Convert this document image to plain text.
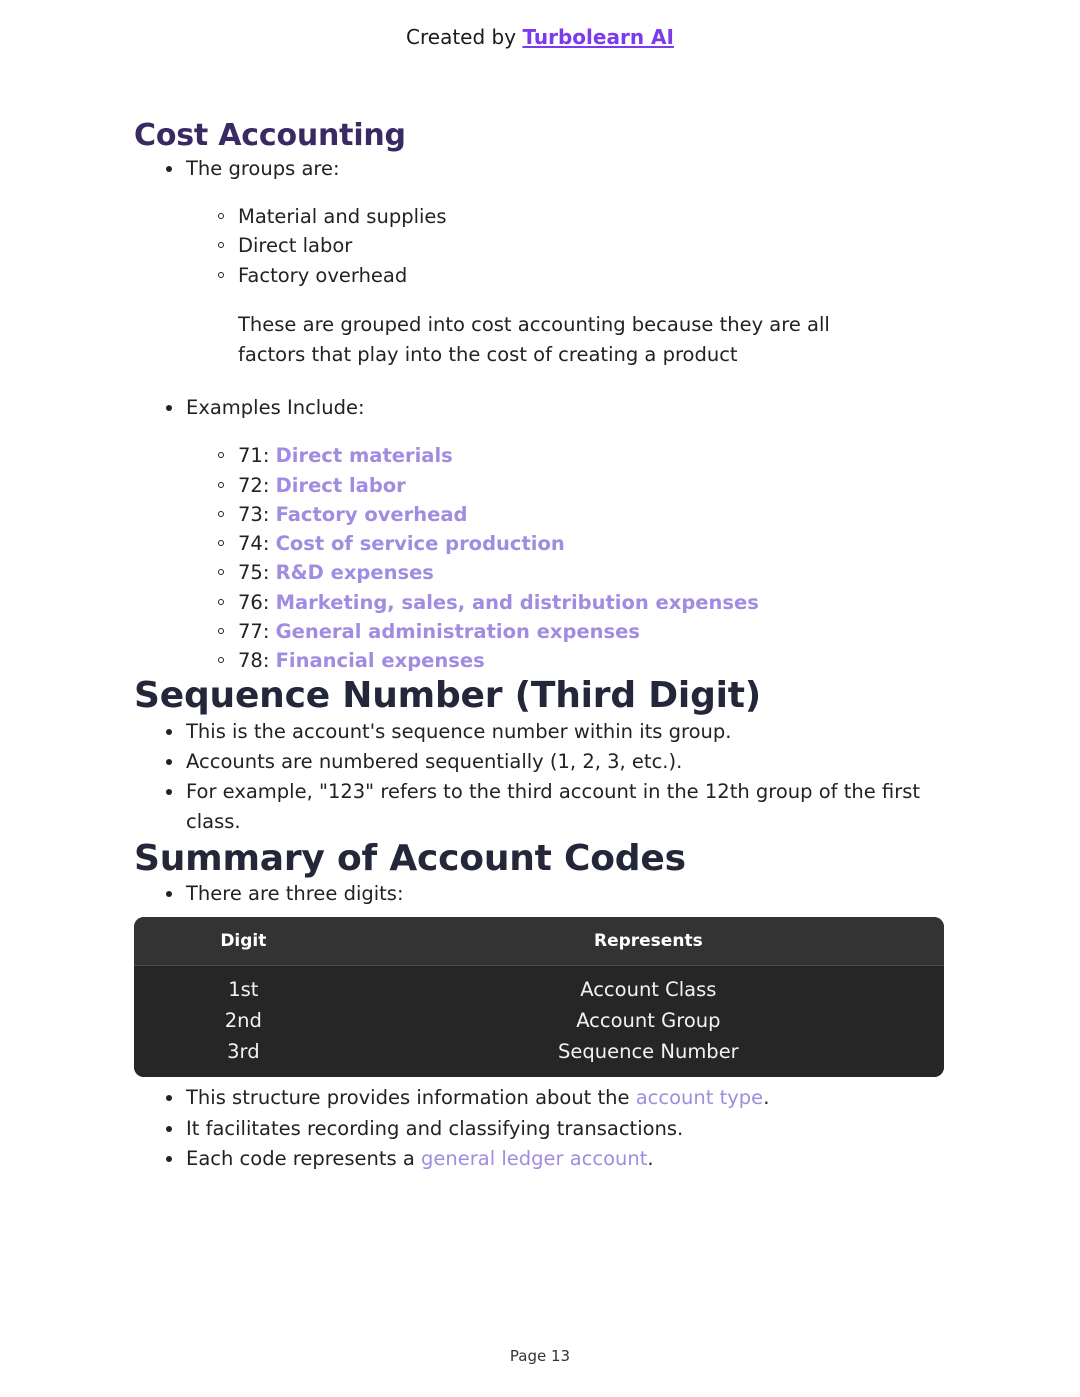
Created by Turbolearn AI
Cost Accounting
The groups are:
Material and supplies
Direct labor
Factory overhead

These are grouped into cost accounting because they are all factors that play into the cost of creating a product

Examples Include:
71: Direct materials
72: Direct labor
73: Factory overhead
74: Cost of service production
75: R&D expenses
76: Marketing, sales, and distribution expenses
77: General administration expenses
78: Financial expenses
Sequence Number (Third Digit)
This is the account's sequence number within its group.
Accounts are numbered sequentially (1, 2, 3, etc.).
For example, "123" refers to the third account in the 12th group of the first class.
Summary of Account Codes
There are three digits:
Digit	Represents
1st	Account Class
2nd	Account Group
3rd	Sequence Number
This structure provides information about the account type.
It facilitates recording and classifying transactions.
Each code represents a general ledger account.
Page 13
